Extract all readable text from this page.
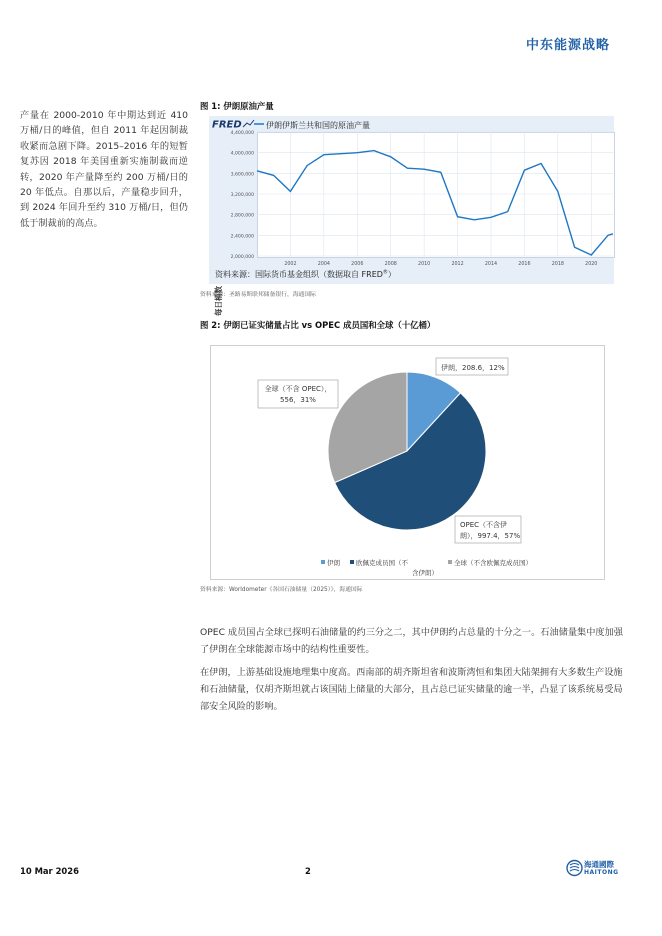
中东能源战略
产量在 2000-2010 年中期达到近 410 万桶/日的峰值，但自 2011 年起因制裁收紧而急剧下降。2015–2016 年的短暂复苏因 2018 年美国重新实施制裁而逆转，2020 年产量降至约 200 万桶/日的 20 年低点。自那以后，产量稳步回升，到 2024 年回升至约 310 万桶/日，但仍低于制裁前的高点。
图 1: 伊朗原油产量
FRED	伊朗伊斯兰共和国的原油产量
2,000,000
2,400,000
2,800,000
3,200,000
3,600,000
4,000,000
4,400,000
2002	2004	2006	2008	2010	2012	2014	2016	2018	2020
每日桶数
资料来源：国际货币基金组织（数据取自 FRED®）
资料来源：圣路易斯联邦储备银行，海通国际
图 2: 伊朗已证实储量占比 vs OPEC 成员国和全球（十亿桶）
伊朗，208.6，12%
全球（不含 OPEC），
556，31%
OPEC（不含伊
朗），997.4，57%
伊朗 欧佩克成员国（不
含伊朗）
全球（不含欧佩克成员国）
资料来源：Worldometer《各国石油储量（2025）》，海通国际
OPEC 成员国占全球已探明石油储量的约三分之二，其中伊朗约占总量的十分之一。石油储量集中度加强了伊朗在全球能源市场中的结构性重要性。
在伊朗，上游基础设施地理集中度高。西南部的胡齐斯坦省和波斯湾恒和集团大陆架拥有大多数生产设施和石油储量，仅胡齐斯坦就占该国陆上储量的大部分，且占总已证实储量的逾一半，凸显了该系统易受局部安全风险的影响。
10 Mar 2026	2
海通國際
HAITONG
